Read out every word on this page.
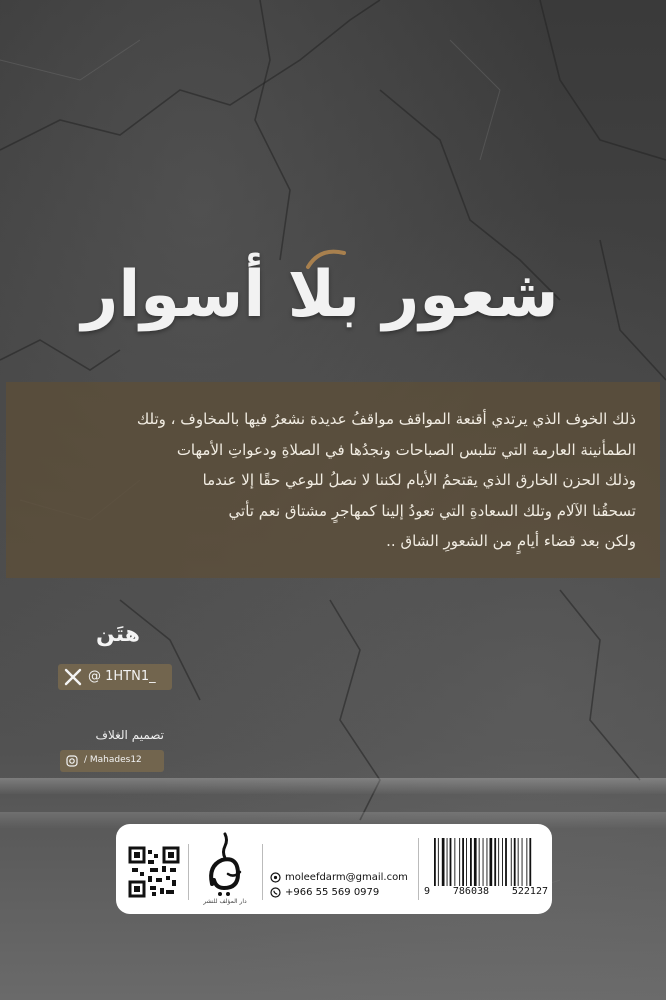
شعور بلا أسوار
ذلك الخوف الذي يرتدي أقنعة المواقف مواقفُ عديدة نشعرُ فيها بالمخاوف ، وتلك
الطمأنينة العارمة التي تتلبس الصباحات ونجدُها في الصلاةِ ودعواتِ الأمهات
وذلك الحزن الخارق الذي يقتحمُ الأيام لكننا لا نصلُ للوعي حقًا إلا عندما
تسحقُنا الآلام وتلك السعادةِ التي تعودُ إلينا كمهاجرٍ مشتاق نعم تأتي
ولكن بعد قضاء أيامٍ من الشعورِ الشاق ..
هتَن
@ 1HTN1_
تصميم الغلاف
/ Mahades12
دار المؤلف للنشر
moleefdarm@gmail.com
+966 55 569 0979	9 786038 522127
